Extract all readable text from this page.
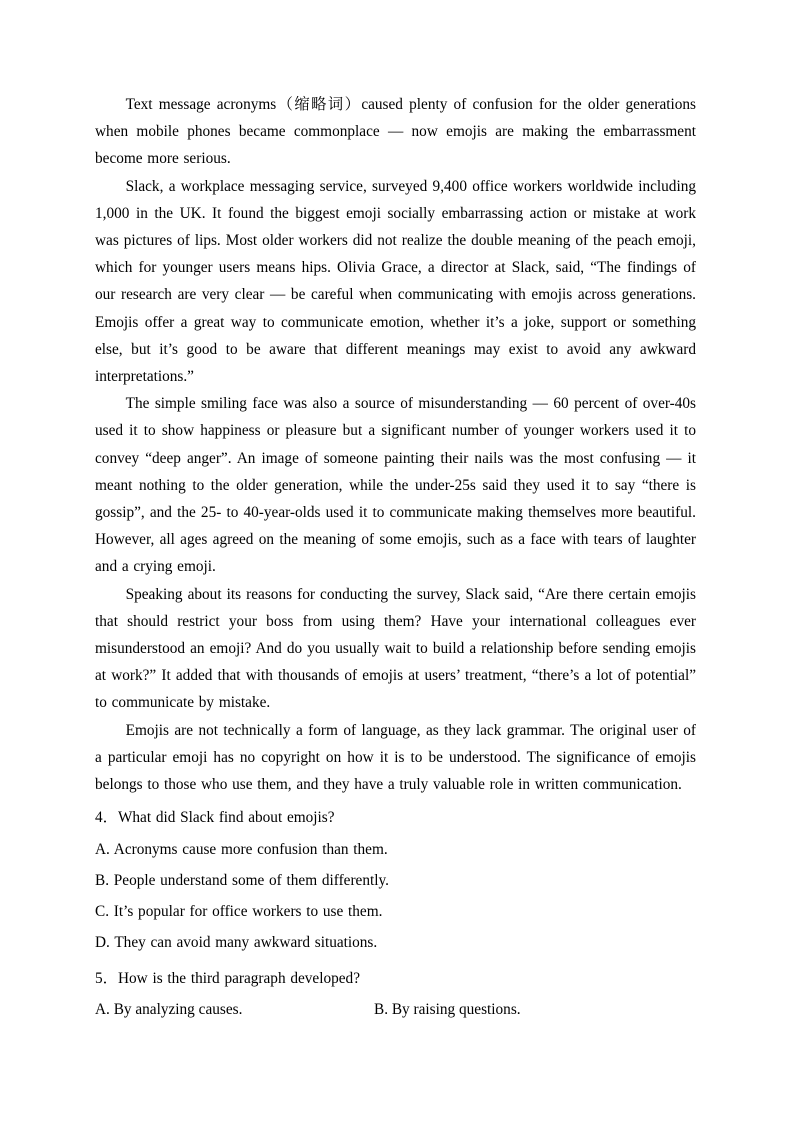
Text message acronyms（缩略词）caused plenty of confusion for the older generations when mobile phones became commonplace — now emojis are making the embarrassment become more serious.

Slack, a workplace messaging service, surveyed 9,400 office workers worldwide including 1,000 in the UK. It found the biggest emoji socially embarrassing action or mistake at work was pictures of lips. Most older workers did not realize the double meaning of the peach emoji, which for younger users means hips. Olivia Grace, a director at Slack, said, “The findings of our research are very clear — be careful when communicating with emojis across generations. Emojis offer a great way to communicate emotion, whether it’s a joke, support or something else, but it’s good to be aware that different meanings may exist to avoid any awkward interpretations.”

The simple smiling face was also a source of misunderstanding — 60 percent of over-40s used it to show happiness or pleasure but a significant number of younger workers used it to convey “deep anger”. An image of someone painting their nails was the most confusing — it meant nothing to the older generation, while the under-25s said they used it to say “there is gossip”, and the 25- to 40-year-olds used it to communicate making themselves more beautiful. However, all ages agreed on the meaning of some emojis, such as a face with tears of laughter and a crying emoji.

Speaking about its reasons for conducting the survey, Slack said, “Are there certain emojis that should restrict your boss from using them? Have your international colleagues ever misunderstood an emoji? And do you usually wait to build a relationship before sending emojis at work?” It added that with thousands of emojis at users’ treatment, “there’s a lot of potential” to communicate by mistake.

Emojis are not technically a form of language, as they lack grammar. The original user of a particular emoji has no copyright on how it is to be understood. The significance of emojis belongs to those who use them, and they have a truly valuable role in written communication.

4．What did Slack find about emojis?
A. Acronyms cause more confusion than them.
B. People understand some of them differently.
C. It’s popular for office workers to use them.
D. They can avoid many awkward situations.
5．How is the third paragraph developed?
A. By analyzing causes.	B. By raising questions.
